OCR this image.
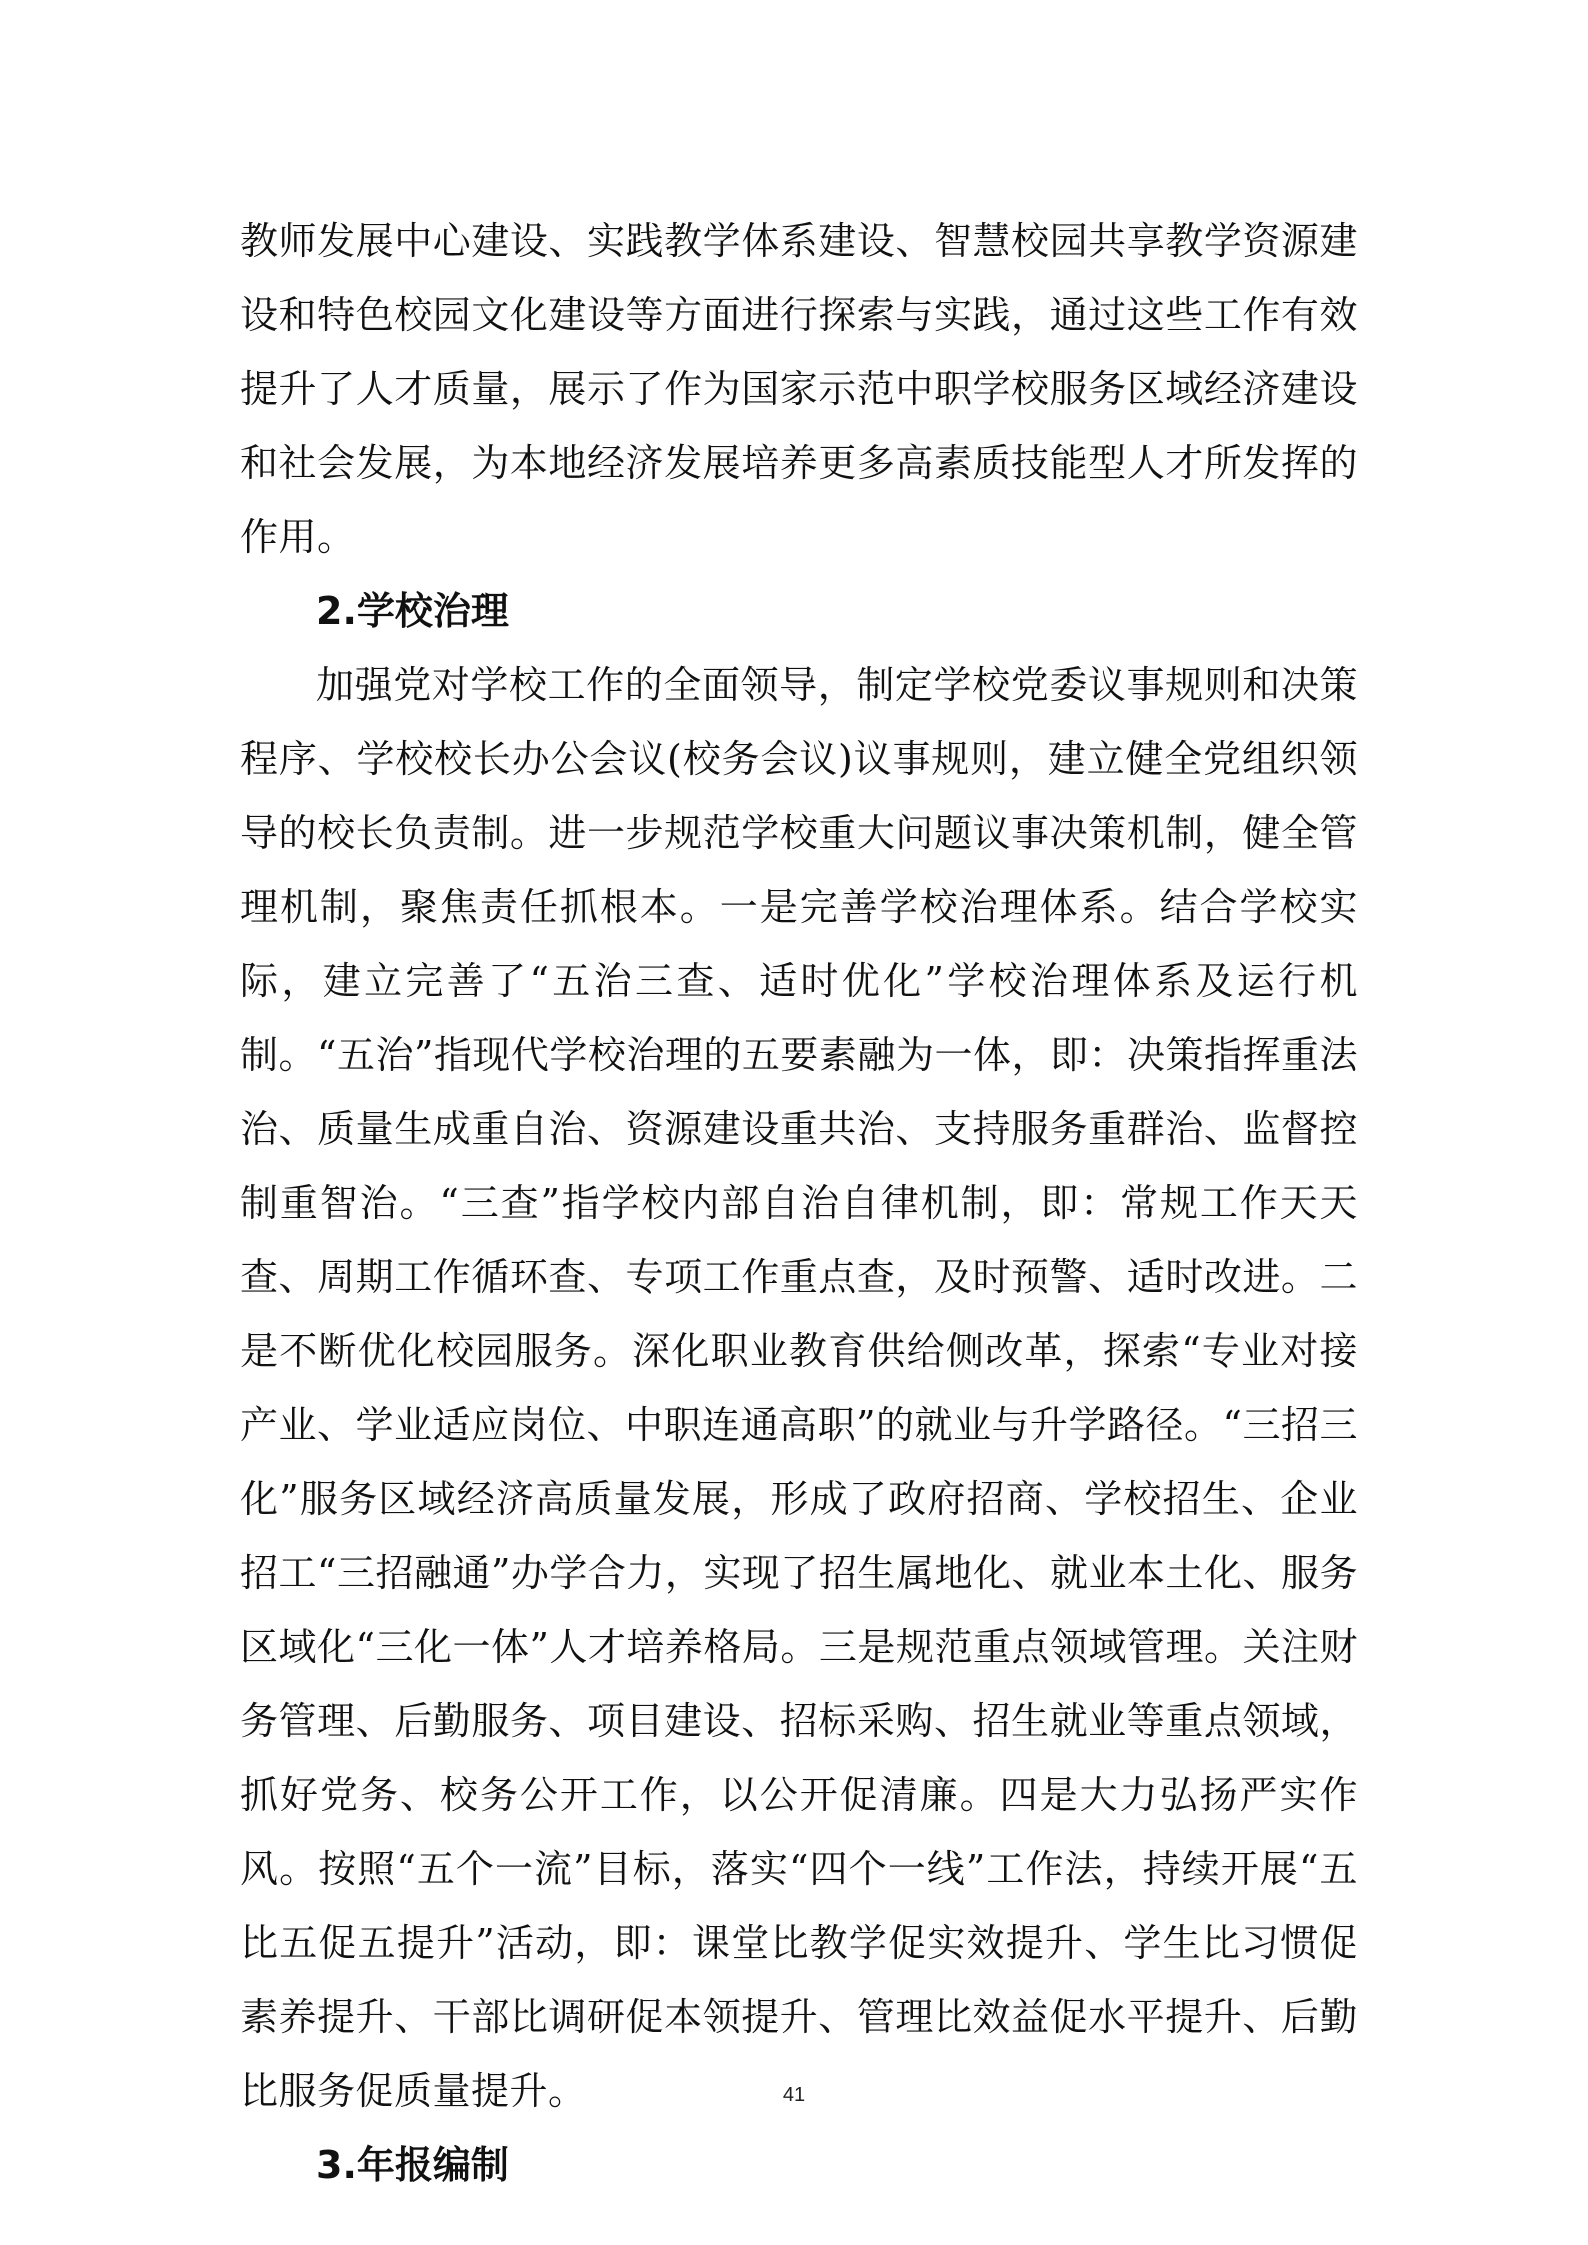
教师发展中心建设、实践教学体系建设、智慧校园共享教学资源建设和特色校园文化建设等方面进行探索与实践，通过这些工作有效提升了人才质量，展示了作为国家示范中职学校服务区域经济建设和社会发展，为本地经济发展培养更多高素质技能型人才所发挥的作用。

2.学校治理

加强党对学校工作的全面领导，制定学校党委议事规则和决策程序、学校校长办公会议(校务会议)议事规则，建立健全党组织领导的校长负责制。进一步规范学校重大问题议事决策机制，健全管理机制，聚焦责任抓根本。一是完善学校治理体系。结合学校实际，建立完善了“五治三查、适时优化”学校治理体系及运行机制。“五治”指现代学校治理的五要素融为一体，即：决策指挥重法治、质量生成重自治、资源建设重共治、支持服务重群治、监督控制重智治。“三查”指学校内部自治自律机制，即：常规工作天天查、周期工作循环查、专项工作重点查，及时预警、适时改进。二是不断优化校园服务。深化职业教育供给侧改革，探索“专业对接产业、学业适应岗位、中职连通高职”的就业与升学路径。“三招三化”服务区域经济高质量发展，形成了政府招商、学校招生、企业招工“三招融通”办学合力，实现了招生属地化、就业本土化、服务区域化“三化一体”人才培养格局。三是规范重点领域管理。关注财务管理、后勤服务、项目建设、招标采购、招生就业等重点领域，抓好党务、校务公开工作，以公开促清廉。四是大力弘扬严实作风。按照“五个一流”目标，落实“四个一线”工作法，持续开展“五比五促五提升”活动，即：课堂比教学促实效提升、学生比习惯促素养提升、干部比调研促本领提升、管理比效益促水平提升、后勤比服务促质量提升。

3.年报编制

41
